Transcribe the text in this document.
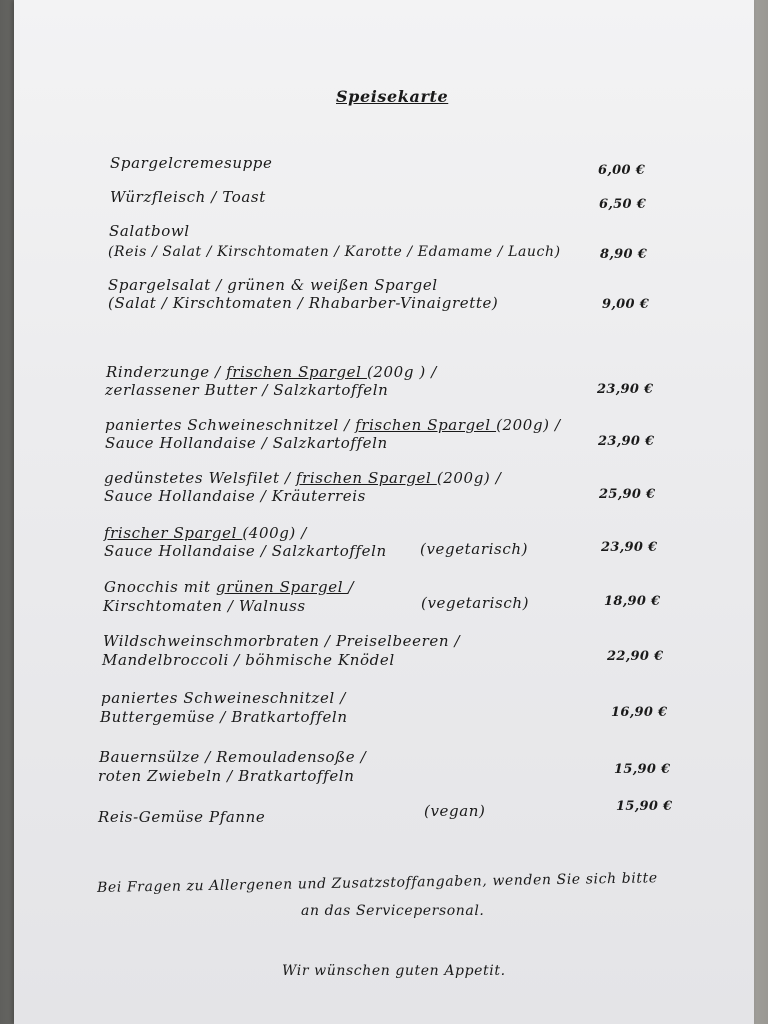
Speisekarte
Spargelcremesuppe	6,00 €
Würzfleisch / Toast	6,50 €
Salatbowl
(Reis / Salat / Kirschtomaten / Karotte / Edamame / Lauch)	8,90 €
Spargelsalat / grünen & weißen Spargel
(Salat / Kirschtomaten / Rhabarber-Vinaigrette)	9,00 €
Rinderzunge / frischen Spargel (200g ) /
zerlassener Butter / Salzkartoffeln	23,90 €
paniertes Schweineschnitzel / frischen Spargel (200g) /
Sauce Hollandaise / Salzkartoffeln	23,90 €
gedünstetes Welsfilet / frischen Spargel (200g) /
Sauce Hollandaise / Kräuterreis	25,90 €
frischer Spargel (400g) /
Sauce Hollandaise / Salzkartoffeln (vegetarisch)	23,90 €
Gnocchis mit grünen Spargel /
Kirschtomaten / Walnuss	(vegetarisch)	18,90 €
Wildschweinschmorbraten / Preiselbeeren /
Mandelbroccoli / böhmische Knödel	22,90 €
paniertes Schweineschnitzel /
Buttergemüse / Bratkartoffeln	16,90 €
Bauernsülze / Remouladensoße /
roten Zwiebeln / Bratkartoffeln	15,90 €
Reis-Gemüse Pfanne	(vegan)	15,90 €
Bei Fragen zu Allergenen und Zusatzstoffangaben, wenden Sie sich bitte
an das Servicepersonal.
Wir wünschen guten Appetit.
